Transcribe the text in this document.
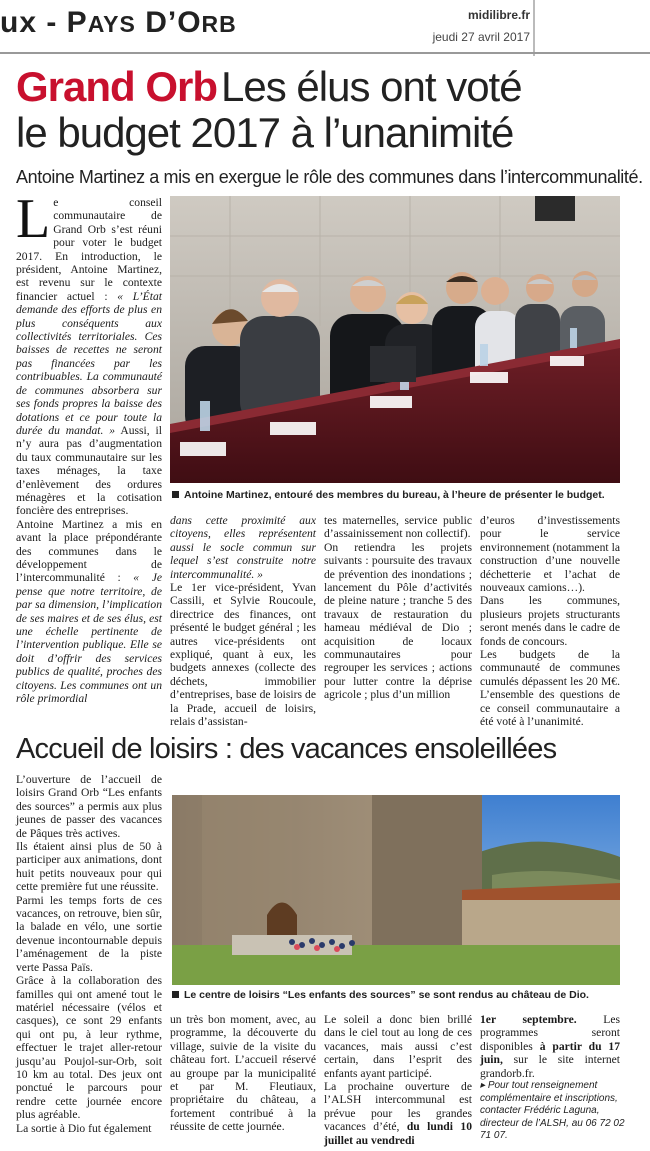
ux - PAYS D’ORB	midilibre.fr
jeudi 27 avril 2017
Grand OrbLes élus ont voté
le budget 2017 à l’unanimité
Antoine Martinez a mis en exergue le rôle des communes dans l’intercommunalité.

Le conseil communautaire de Grand Orb s’est réuni pour voter le budget 2017. En introduction, le président, Antoine Martinez, est revenu sur le contexte financier actuel : « L’État demande des efforts de plus en plus conséquents aux collectivités territoriales. Ces baisses de recettes ne seront pas financées par les contribuables. La communauté de communes absorbera sur ses fonds propres la baisse des dotations et ce pour toute la durée du mandat. » Aussi, il n’y aura pas d’augmentation du taux communautaire sur les taxes ménages, la taxe d’enlèvement des ordures ménagères et la cotisation foncière des entreprises.

Antoine Martinez a mis en avant la place prépondérante des communes dans le développement de l’intercommunalité : « Je pense que notre territoire, de par sa dimension, l’implication de ses maires et de ses élus, est une échelle pertinente de l’intervention publique. Elle se doit d’offrir des services publics de qualité, proches des citoyens. Les communes ont un rôle primordial

Antoine Martinez, entouré des membres du bureau, à l’heure de présenter le budget.

dans cette proximité aux citoyens, elles représentent aussi le socle commun sur lequel s’est construite notre intercommunalité. »

Le 1er vice-président, Yvan Cassili, et Sylvie Roucoule, directrice des finances, ont présenté le budget général ; les autres vice-présidents ont expliqué, quant à eux, les budgets annexes (collecte des déchets, immobilier d’entreprises, base de loisirs de la Prade, accueil de loisirs, relais d’assistan-

tes maternelles, service public d’assainissement non collectif).

On retiendra les projets suivants : poursuite des travaux de prévention des inondations ; lancement du Pôle d’activités de pleine nature ; tranche 5 des travaux de restauration du hameau médiéval de Dio ; acquisition de locaux communautaires pour regrouper les services ; actions pour lutter contre la déprise agricole ; plus d’un million

d’euros d’investissements pour le service environnement (notamment la construction d’une nouvelle déchetterie et l’achat de nouveaux camions…).

Dans les communes, plusieurs projets structurants seront menés dans le cadre de fonds de concours.

Les budgets de la communauté de communes cumulés dépassent les 20 M€. L’ensemble des questions de ce conseil communautaire a été voté à l’unanimité.

Accueil de loisirs : des vacances ensoleillées

L’ouverture de l’accueil de loisirs Grand Orb “Les enfants des sources” a permis aux plus jeunes de passer des vacances de Pâques très actives.

Ils étaient ainsi plus de 50 à participer aux animations, dont huit petits nouveaux pour qui cette première fut une réussite.

Parmi les temps forts de ces vacances, on retrouve, bien sûr, la balade en vélo, une sortie devenue incontournable depuis l’aménagement de la piste verte Passa Païs.

Grâce à la collaboration des familles qui ont amené tout le matériel nécessaire (vélos et casques), ce sont 29 enfants qui ont pu, à leur rythme, effectuer le trajet aller-retour jusqu’au Poujol-sur-Orb, soit 10 km au total. Des jeux ont ponctué le parcours pour rendre cette journée encore plus agréable.

La sortie à Dio fut également

Le centre de loisirs “Les enfants des sources” se sont rendus au château de Dio.

un très bon moment, avec, au programme, la découverte du village, suivie de la visite du château fort. L’accueil réservé au groupe par la municipalité et par M. Fleutiaux, propriétaire du château, a fortement contribué à la réussite de cette journée.

Le soleil a donc bien brillé dans le ciel tout au long de ces vacances, mais aussi c’est certain, dans l’esprit des enfants ayant participé.

La prochaine ouverture de l’ALSH intercommunal est prévue pour les grandes vacances d’été, du lundi 10 juillet au vendredi

1er septembre. Les programmes seront disponibles à partir du 17 juin, sur le site internet grandorb.fr.

▸ Pour tout renseignement complémentaire et inscriptions, contacter Frédéric Laguna, directeur de l’ALSH, au 06 72 02 71 07.
